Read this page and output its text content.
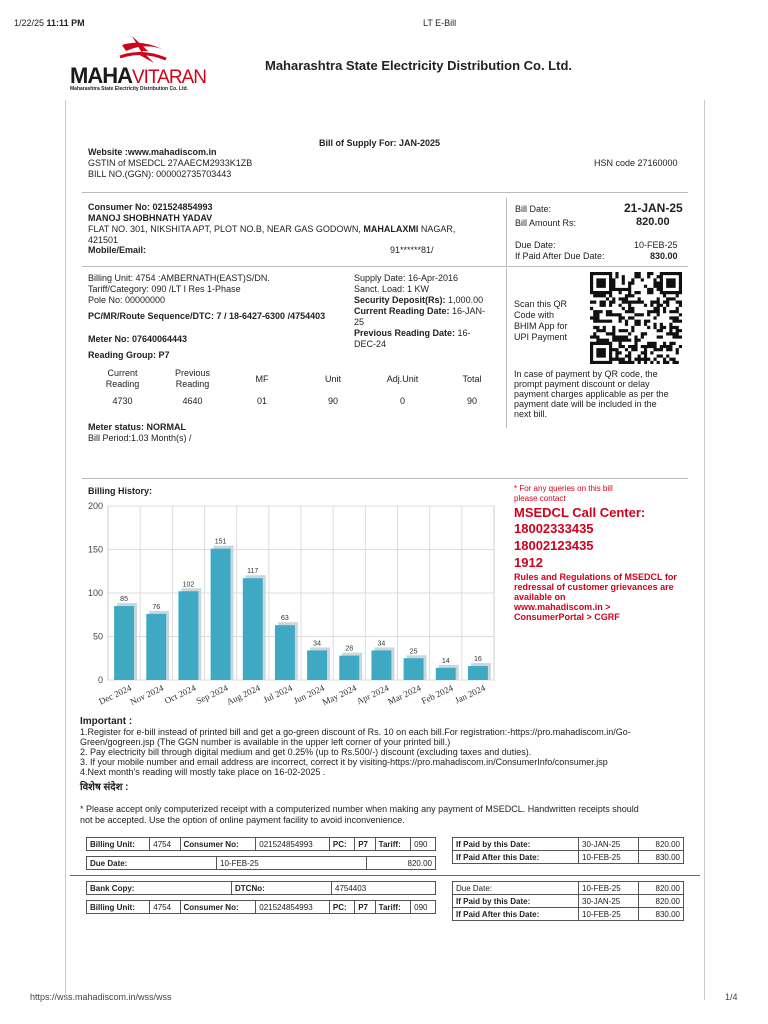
1/22/25 11:11 PM	LT E-Bill
https://wss.mahadiscom.in/wss/wss	1/4
MAHAVITARAN
Maharashtra State Electricity Distribution Co. Ltd.
Maharashtra State Electricity Distribution Co. Ltd.
Bill of Supply For: JAN-2025
Website :www.mahadiscom.in
GSTIN of MSEDCL 27AAECM2933K1ZB
BILL NO.(GGN): 000002735703443
HSN code 27160000
Consumer No: 021524854993
MANOJ SHOBHNATH YADAV
FLAT NO. 301, NIKSHITA APT, PLOT NO.B, NEAR GAS GODOWN, MAHALAXMI NAGAR,
421501
Mobile/Email:	91******81/
Bill Date:	21-JAN-25
Bill Amount Rs:	820.00
Due Date:	10-FEB-25
If Paid After Due Date:	830.00
Billing Unit: 4754 :AMBERNATH(EAST)S/DN.
Tariff/Category: 090 /LT I Res 1-Phase
Pole No: 00000000
PC/MR/Route Sequence/DTC: 7 / 18-6427-6300 /4754403
Meter No: 07640064443
Reading Group: P7
Supply Date: 16-Apr-2016
Sanct. Load: 1 KW
Security Deposit(Rs): 1,000.00
Current Reading Date: 16-JAN-
25
Previous Reading Date: 16-
DEC-24
Scan this QR
Code with
BHIM App for
UPI Payment
In case of payment by QR code, the
prompt payment discount or delay
payment charges applicable as per the
payment date will be included in the
next bill.
Current
Reading
Previous
Reading	MF	Unit	Adj.Unit	Total
4730	4640	01	90	0	90
Meter status: NORMAL
Bill Period:1.03 Month(s) /
Billing History:
0
50
100
150
200
85
Dec 2024
76
Nov 2024
102
Oct 2024
151
Sep 2024
117
Aug 2024
63
Jul 2024
34
Jun 2024
28
May 2024
34
Apr 2024
25
Mar 2024
14
Feb 2024
16
Jan 2024
* For any queries on this bill
please contact
MSEDCL Call Center:
18002333435
18002123435
1912
Rules and Regulations of MSEDCL for
redressal of customer grievances are
available on
www.mahadiscom.in >
ConsumerPortal > CGRF
Important :
1.Register for e-bill instead of printed bill and get a go-green discount of Rs. 10 on each bill.For registration:-https://pro.mahadiscom.in/Go-
Green/gogreen.jsp (The GGN number is available in the upper left corner of your printed bill.)
2. Pay electricity bill through digital medium and get 0.25% (up to Rs.500/-) discount (excluding taxes and duties).
3. If your mobile number and email address are incorrect, correct it by visiting-https://pro.mahadiscom.in/ConsumerInfo/consumer.jsp
4.Next month's reading will mostly take place on 16-02-2025 .
विशेष संदेश :
* Please accept only computerized receipt with a computerized number when making any payment of MSEDCL. Handwritten receipts should
not be accepted. Use the option of online payment facility to avoid inconvenience.
Billing Unit:	4754	Consumer No:	021524854993	PC:	P7	Tariff:	090
Due Date:	10-FEB-25	820.00
If Paid by this Date:	30-JAN-25	820.00
If Paid After this Date:	10-FEB-25	830.00
Bank Copy:	DTCNo:	4754403
Billing Unit:	4754	Consumer No:	021524854993	PC:	P7	Tariff:	090
Due Date:	10-FEB-25	820.00
If Paid by this Date:	30-JAN-25	820.00
If Paid After this Date:	10-FEB-25	830.00
